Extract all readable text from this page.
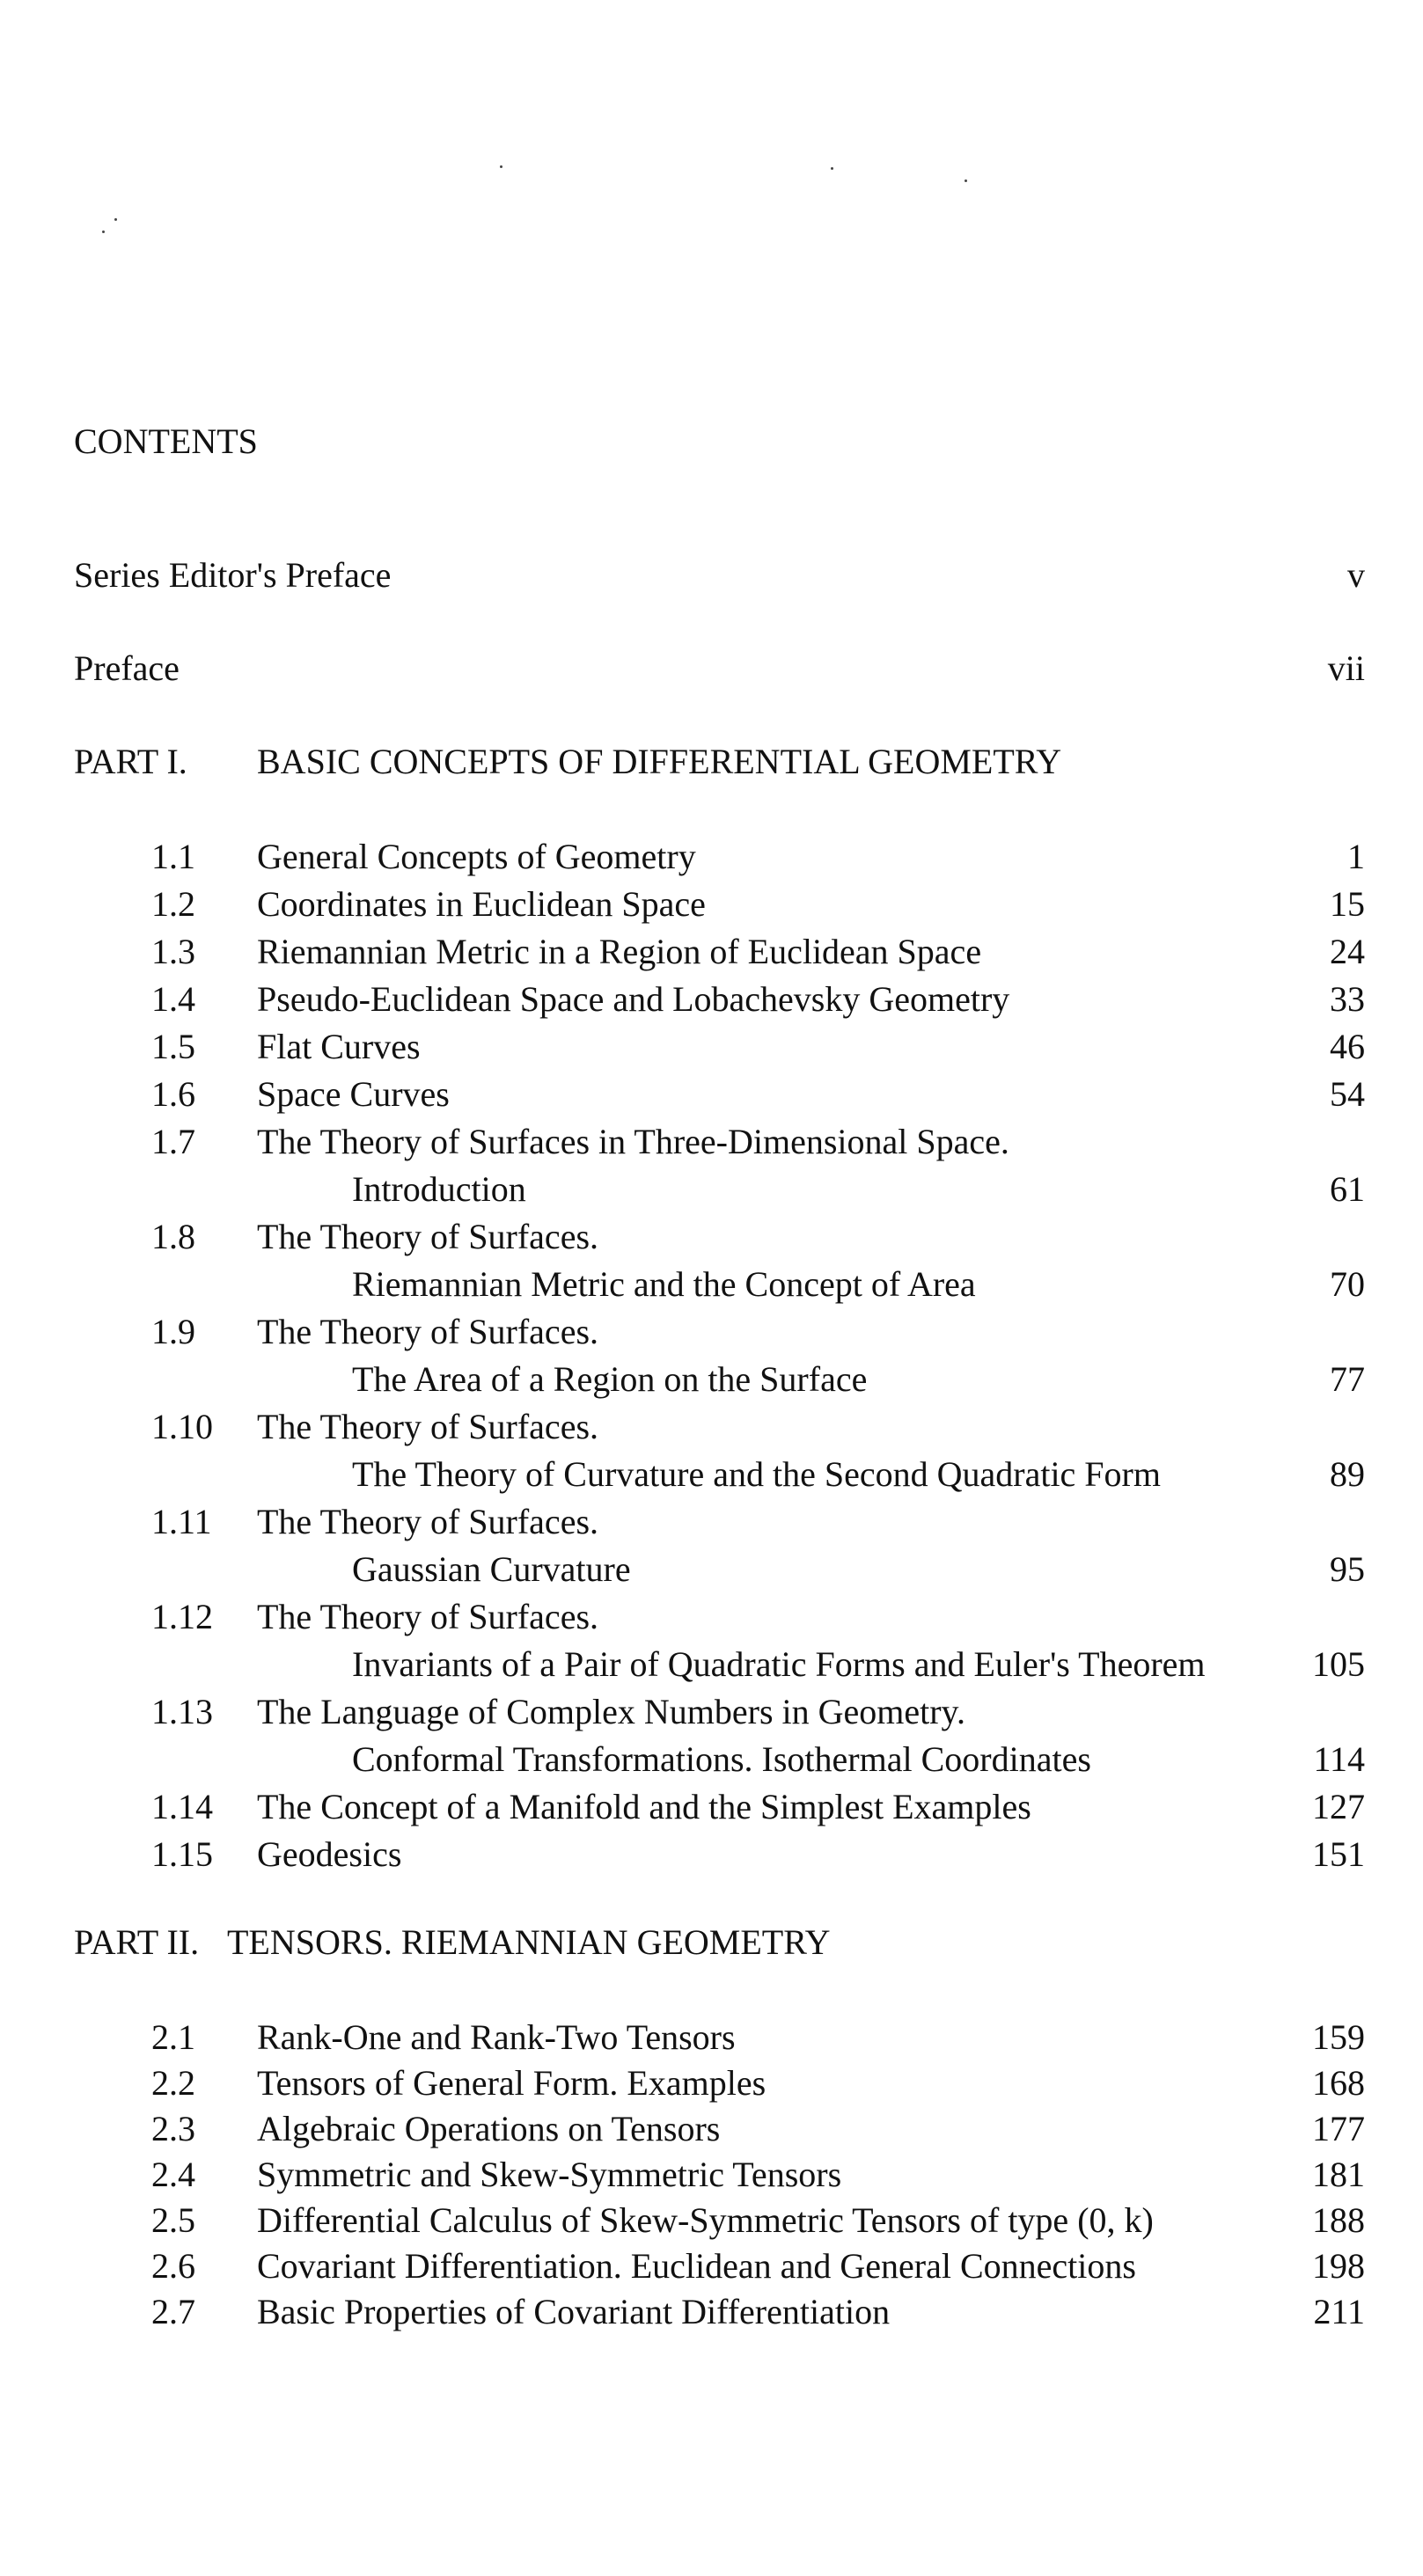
CONTENTS
Series Editor's Preface	v
Preface	vii
PART I. BASIC CONCEPTS OF DIFFERENTIAL GEOMETRY
1.1	General Concepts of Geometry	1
1.2	Coordinates in Euclidean Space	15
1.3	Riemannian Metric in a Region of Euclidean Space	24
1.4	Pseudo-Euclidean Space and Lobachevsky Geometry	33
1.5	Flat Curves	46
1.6	Space Curves	54
1.7	The Theory of Surfaces in Three-Dimensional Space.
Introduction	61
1.8	The Theory of Surfaces.
Riemannian Metric and the Concept of Area	70
1.9	The Theory of Surfaces.
The Area of a Region on the Surface	77
1.10	The Theory of Surfaces.
The Theory of Curvature and the Second Quadratic Form	89
1.11	The Theory of Surfaces.
Gaussian Curvature	95
1.12	The Theory of Surfaces.
Invariants of a Pair of Quadratic Forms and Euler's Theorem	105
1.13	The Language of Complex Numbers in Geometry.
Conformal Transformations. Isothermal Coordinates	114
1.14	The Concept of a Manifold and the Simplest Examples	127
1.15	Geodesics	151
PART II. TENSORS. RIEMANNIAN GEOMETRY
2.1	Rank-One and Rank-Two Tensors	159
2.2	Tensors of General Form. Examples	168
2.3	Algebraic Operations on Tensors	177
2.4	Symmetric and Skew-Symmetric Tensors	181
2.5	Differential Calculus of Skew-Symmetric Tensors of type (0, k)	188
2.6	Covariant Differentiation. Euclidean and General Connections	198
2.7	Basic Properties of Covariant Differentiation	211
